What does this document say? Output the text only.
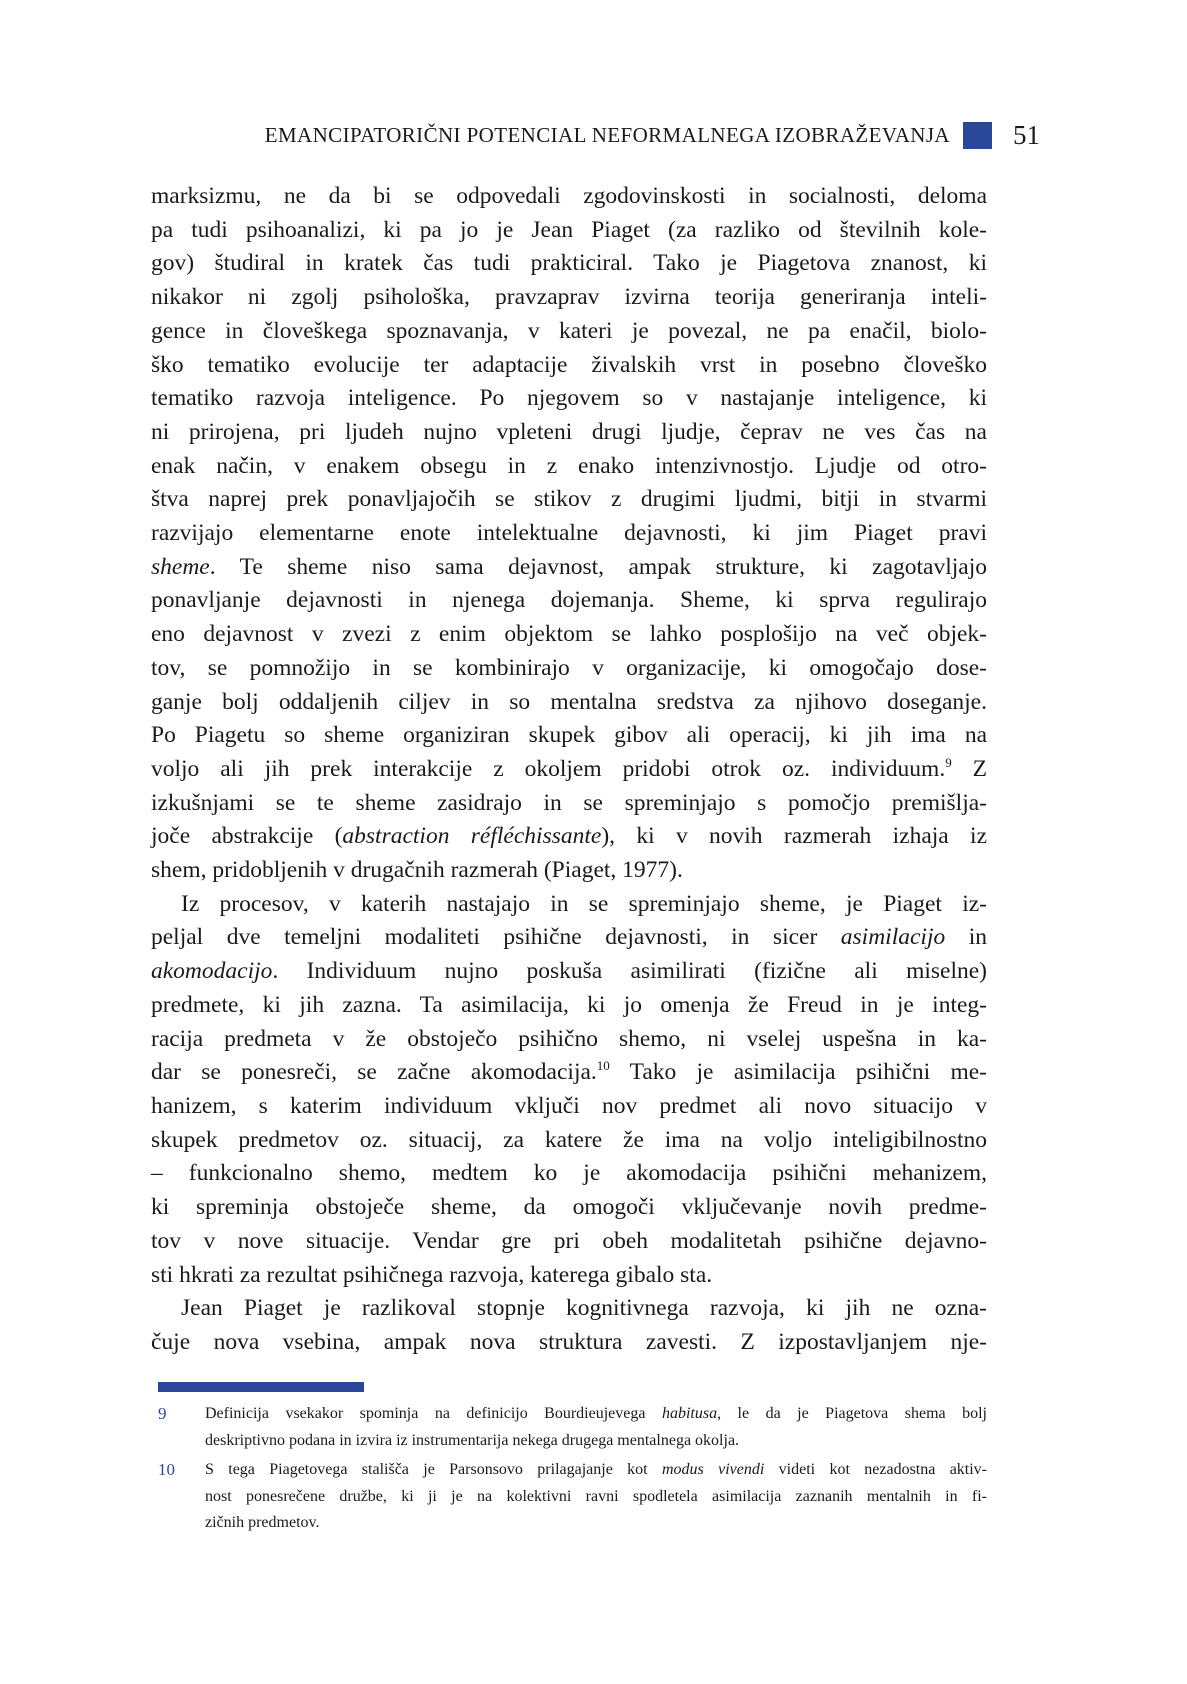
EMANCIPATORIČNI POTENCIAL NEFORMALNEGA IZOBRAŽEVANJA	51
marksizmu, ne da bi se odpovedali zgodovinskosti in socialnosti, deloma
pa tudi psihoanalizi, ki pa jo je Jean Piaget (za razliko od številnih kole-
gov) študiral in kratek čas tudi prakticiral. Tako je Piagetova znanost, ki
nikakor ni zgolj psihološka, pravzaprav izvirna teorija generiranja inteli-
gence in človeškega spoznavanja, v kateri je povezal, ne pa enačil, biolo-
ško tematiko evolucije ter adaptacije živalskih vrst in posebno človeško
tematiko razvoja inteligence. Po njegovem so v nastajanje inteligence, ki
ni prirojena, pri ljudeh nujno vpleteni drugi ljudje, čeprav ne ves čas na
enak način, v enakem obsegu in z enako intenzivnostjo. Ljudje od otro-
štva naprej prek ponavljajočih se stikov z drugimi ljudmi, bitji in stvarmi
razvijajo elementarne enote intelektualne dejavnosti, ki jim Piaget pravi
sheme. Te sheme niso sama dejavnost, ampak strukture, ki zagotavljajo
ponavljanje dejavnosti in njenega dojemanja. Sheme, ki sprva regulirajo
eno dejavnost v zvezi z enim objektom se lahko posplošijo na več objek-
tov, se pomnožijo in se kombinirajo v organizacije, ki omogočajo dose-
ganje bolj oddaljenih ciljev in so mentalna sredstva za njihovo doseganje.
Po Piagetu so sheme organiziran skupek gibov ali operacij, ki jih ima na
voljo ali jih prek interakcije z okoljem pridobi otrok oz. individuum.$^9$ Z
izkušnjami se te sheme zasidrajo in se spreminjajo s pomočjo premišlja-
joče abstrakcije (abstraction réfléchissante), ki v novih razmerah izhaja iz
shem, pridobljenih v drugačnih razmerah (Piaget, 1977).
Iz procesov, v katerih nastajajo in se spreminjajo sheme, je Piaget iz-
peljal dve temeljni modaliteti psihične dejavnosti, in sicer asimilacijo in
akomodacijo. Individuum nujno poskuša asimilirati (fizične ali miselne)
predmete, ki jih zazna. Ta asimilacija, ki jo omenja že Freud in je integ-
racija predmeta v že obstoječo psihično shemo, ni vselej uspešna in ka-
dar se ponesreči, se začne akomodacija.$^{10}$ Tako je asimilacija psihični me-
hanizem, s katerim individuum vključi nov predmet ali novo situacijo v
skupek predmetov oz. situacij, za katere že ima na voljo inteligibilnostno
– funkcionalno shemo, medtem ko je akomodacija psihični mehanizem,
ki spreminja obstoječe sheme, da omogoči vključevanje novih predme-
tov v nove situacije. Vendar gre pri obeh modalitetah psihične dejavno-
sti hkrati za rezultat psihičnega razvoja, katerega gibalo sta.
Jean Piaget je razlikoval stopnje kognitivnega razvoja, ki jih ne ozna-
čuje nova vsebina, ampak nova struktura zavesti. Z izpostavljanjem nje-
9	Definicija vsekakor spominja na definicijo Bourdieujevega habitusa, le da je Piagetova shema bolj
deskriptivno podana in izvira iz instrumentarija nekega drugega mentalnega okolja.
10	S tega Piagetovega stališča je Parsonsovo prilagajanje kot modus vivendi videti kot nezadostna aktiv-
nost ponesrečene družbe, ki ji je na kolektivni ravni spodletela asimilacija zaznanih mentalnih in fi-
zičnih predmetov.
